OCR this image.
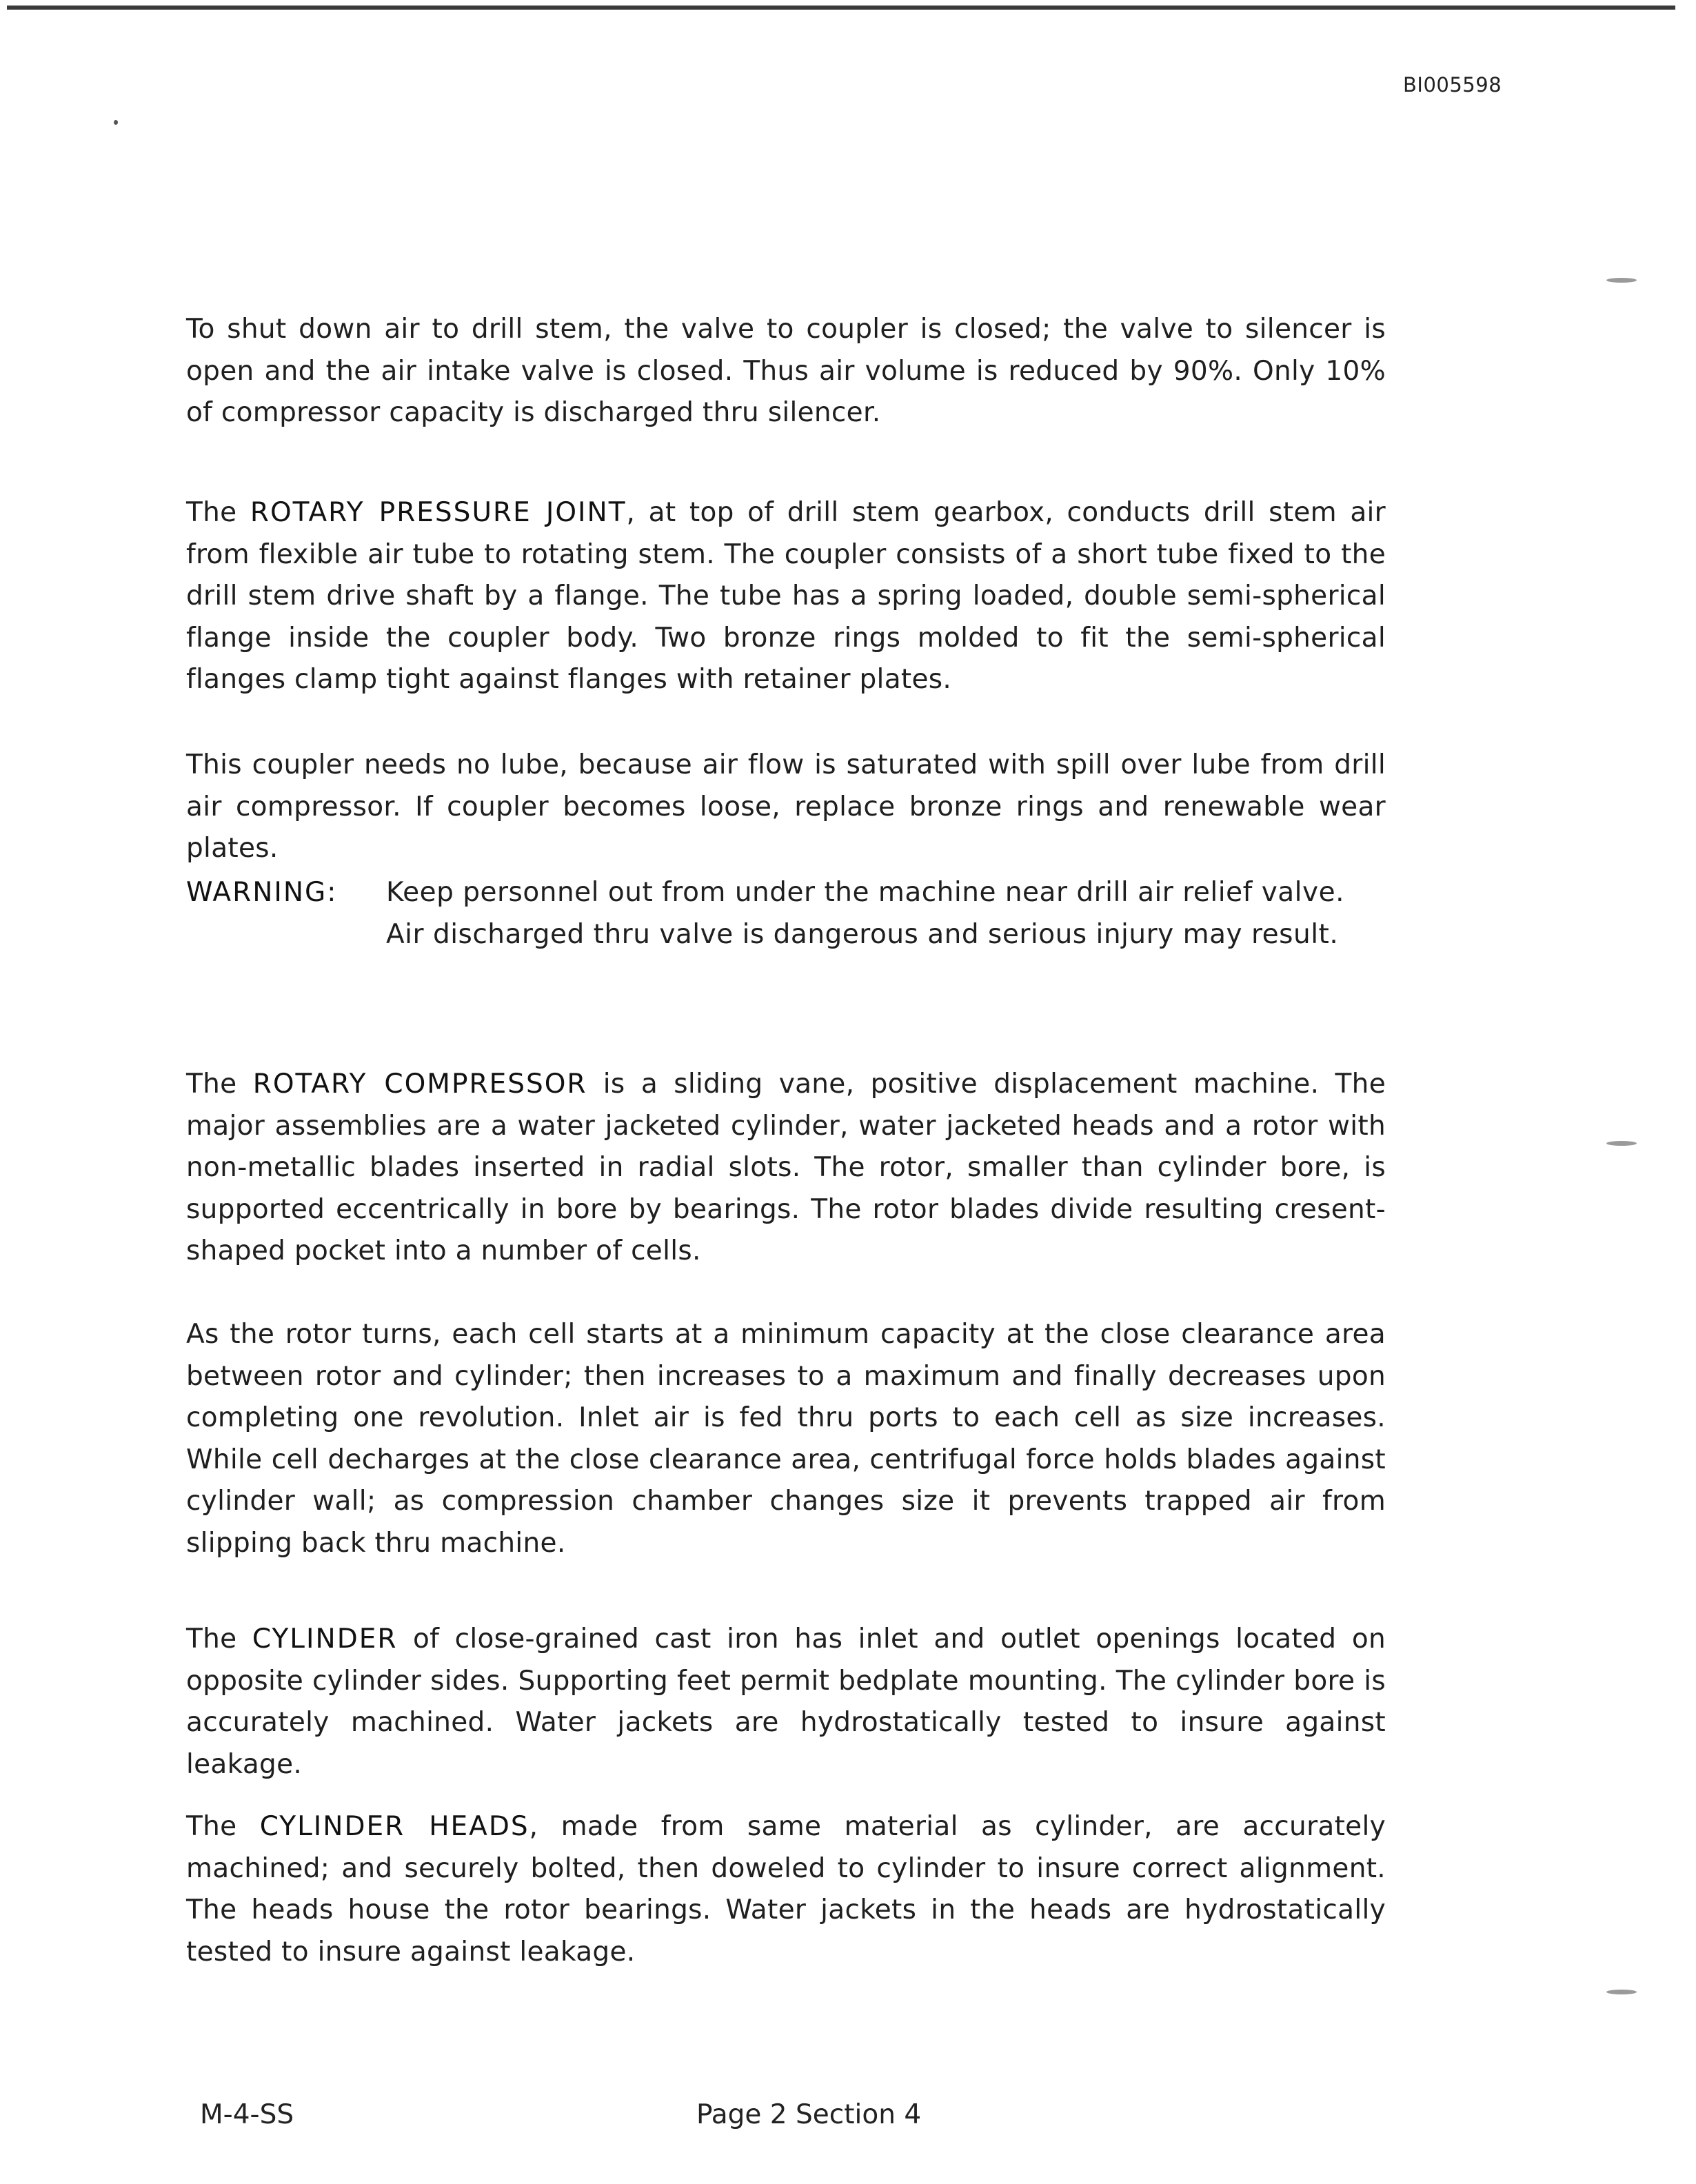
BI005598

To shut down air to drill stem, the valve to coupler is closed; the valve to silencer is open and the air intake valve is closed. Thus air volume is reduced by 90%. Only 10% of compressor capacity is discharged thru silencer.

The ROTARY PRESSURE JOINT, at top of drill stem gearbox, conducts drill stem air from flexible air tube to rotating stem. The coupler consists of a short tube fixed to the drill stem drive shaft by a flange. The tube has a spring loaded, double semi-spherical flange inside the coupler body. Two bronze rings molded to fit the semi-spherical flanges clamp tight against flanges with retainer plates.

This coupler needs no lube, because air flow is saturated with spill over lube from drill air compressor. If coupler becomes loose, replace bronze rings and renewable wear plates.

WARNING: Keep personnel out from under the machine near drill air relief valve. Air discharged thru valve is dangerous and serious injury may result.

The ROTARY COMPRESSOR is a sliding vane, positive displacement machine. The major assemblies are a water jacketed cylinder, water jacketed heads and a rotor with non-metallic blades inserted in radial slots. The rotor, smaller than cylinder bore, is supported eccentrically in bore by bearings. The rotor blades divide resulting cresent-shaped pocket into a number of cells.

As the rotor turns, each cell starts at a minimum capacity at the close clearance area between rotor and cylinder; then increases to a maximum and finally decreases upon completing one revolution. Inlet air is fed thru ports to each cell as size increases. While cell decharges at the close clearance area, centrifugal force holds blades against cylinder wall; as compression chamber changes size it prevents trapped air from slipping back thru machine.

The CYLINDER of close-grained cast iron has inlet and outlet openings located on opposite cylinder sides. Supporting feet permit bedplate mounting. The cylinder bore is accurately machined. Water jackets are hydrostatically tested to insure against leakage.

The CYLINDER HEADS, made from same material as cylinder, are accurately machined; and securely bolted, then doweled to cylinder to insure correct alignment. The heads house the rotor bearings. Water jackets in the heads are hydrostatically tested to insure against leakage.

M-4-SS	Page 2 Section 4
